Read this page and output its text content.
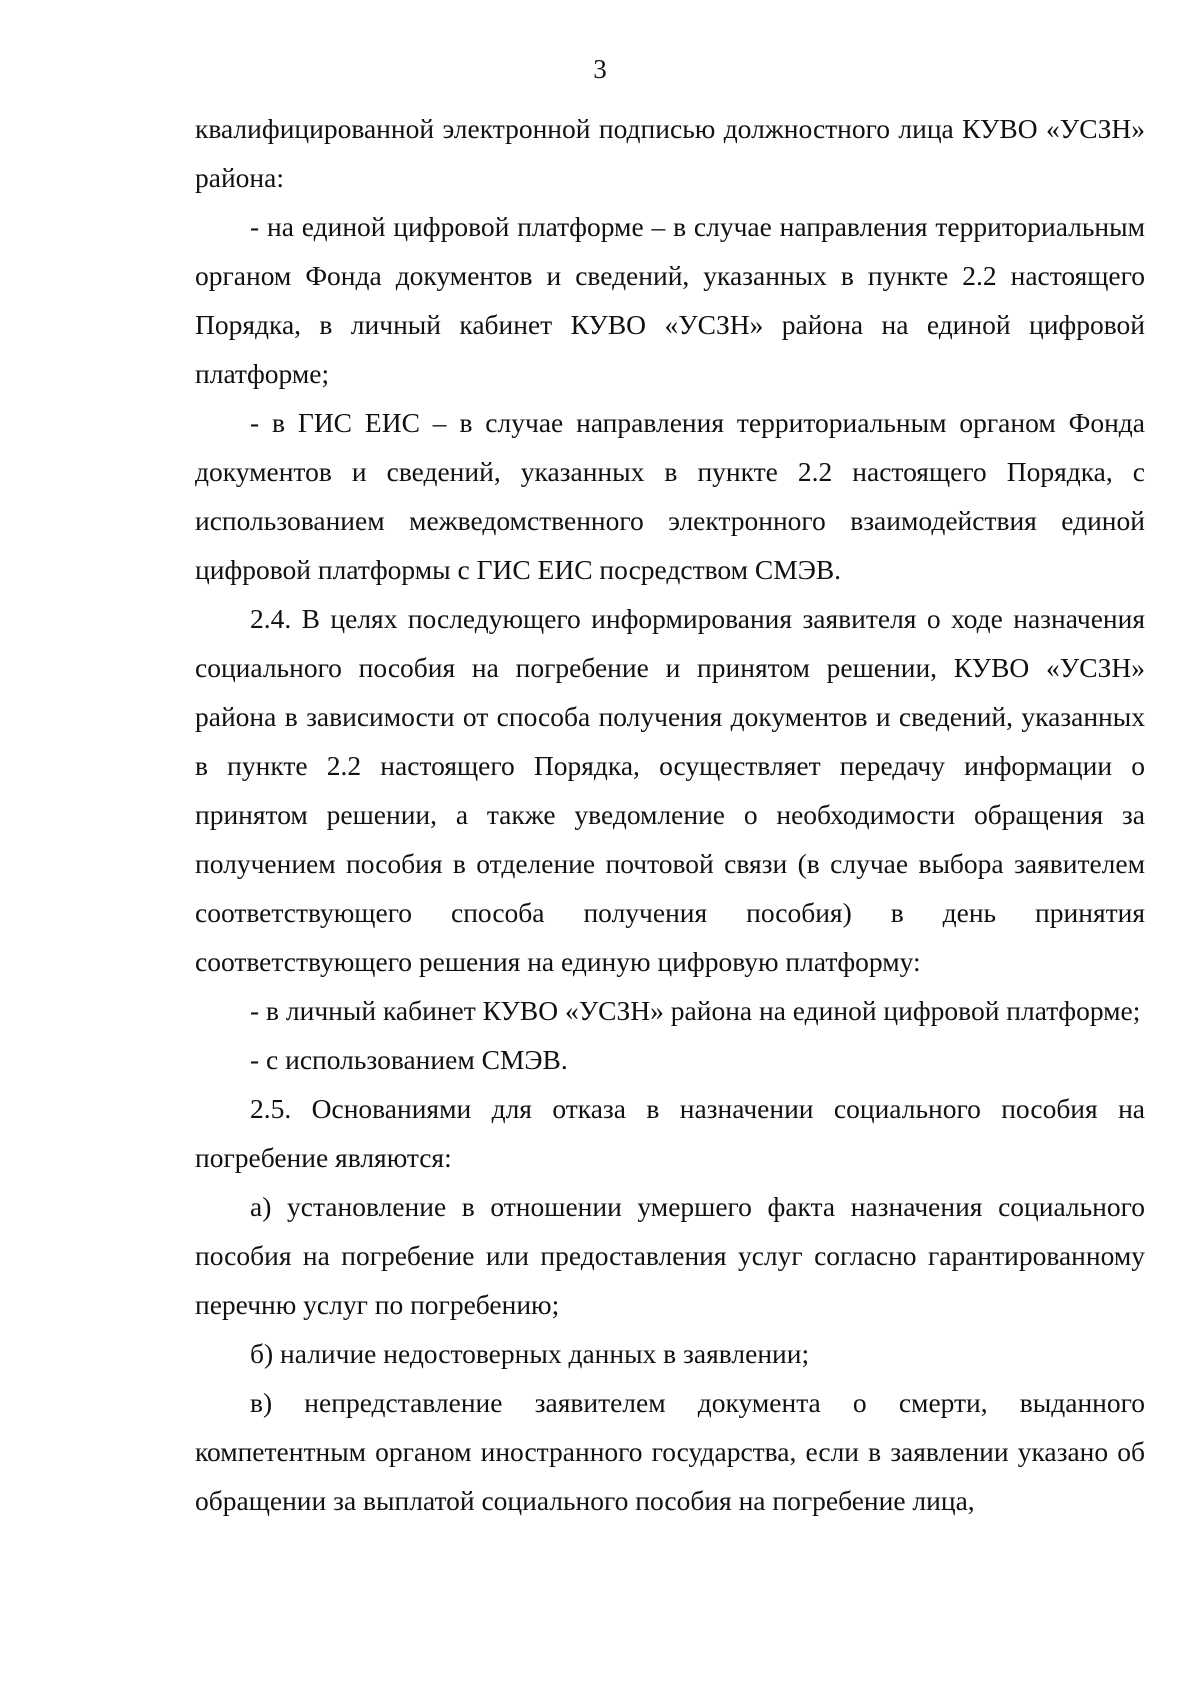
3

квалифицированной электронной подписью должностного лица КУВО «УСЗН» района:

- на единой цифровой платформе – в случае направления территориальным органом Фонда документов и сведений, указанных в пункте 2.2 настоящего Порядка, в личный кабинет КУВО «УСЗН» района на единой цифровой платформе;

- в ГИС ЕИС – в случае направления территориальным органом Фонда документов и сведений, указанных в пункте 2.2 настоящего Порядка, с использованием межведомственного электронного взаимодействия единой цифровой платформы с ГИС ЕИС посредством СМЭВ.

2.4. В целях последующего информирования заявителя о ходе назначения социального пособия на погребение и принятом решении, КУВО «УСЗН» района в зависимости от способа получения документов и сведений, указанных в пункте 2.2 настоящего Порядка, осуществляет передачу информации о принятом решении, а также уведомление о необходимости обращения за получением пособия в отделение почтовой связи (в случае выбора заявителем соответствующего способа получения пособия) в день принятия соответствующего решения на единую цифровую платформу:

- в личный кабинет КУВО «УСЗН» района на единой цифровой платформе;

- с использованием СМЭВ.

2.5. Основаниями для отказа в назначении социального пособия на погребение являются:

а) установление в отношении умершего факта назначения социального пособия на погребение или предоставления услуг согласно гарантированному перечню услуг по погребению;

б) наличие недостоверных данных в заявлении;

в) непредставление заявителем документа о смерти, выданного компетентным органом иностранного государства, если в заявлении указано об обращении за выплатой социального пособия на погребение лица,
